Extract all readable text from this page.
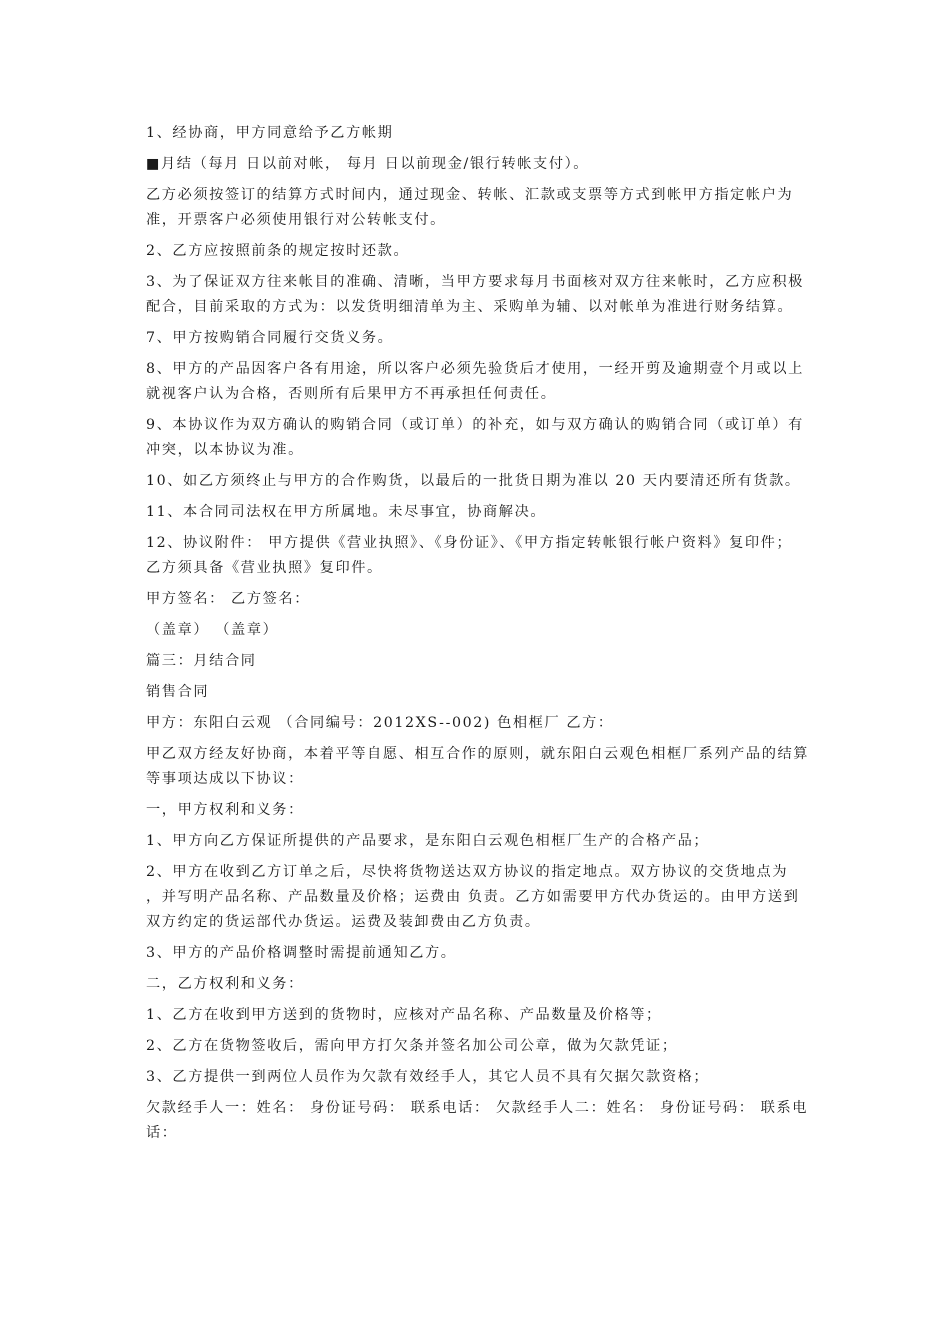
1、经协商，甲方同意给予乙方帐期

■月结（每月 日以前对帐， 每月 日以前现金/银行转帐支付）。

乙方必须按签订的结算方式时间内，通过现金、转帐、汇款或支票等方式到帐甲方指定帐户为准，开票客户必须使用银行对公转帐支付。

2、乙方应按照前条的规定按时还款。

3、为了保证双方往来帐目的准确、清晰，当甲方要求每月书面核对双方往来帐时，乙方应积极配合，目前采取的方式为：以发货明细清单为主、采购单为辅、以对帐单为准进行财务结算。

7、甲方按购销合同履行交货义务。

8、甲方的产品因客户各有用途，所以客户必须先验货后才使用，一经开剪及逾期壹个月或以上就视客户认为合格，否则所有后果甲方不再承担任何责任。

9、本协议作为双方确认的购销合同（或订单）的补充，如与双方确认的购销合同（或订单）有冲突，以本协议为准。

10、如乙方须终止与甲方的合作购货，以最后的一批货日期为准以 20 天内要清还所有货款。

11、本合同司法权在甲方所属地。未尽事宜，协商解决。

12、协议附件： 甲方提供《营业执照》、《身份证》、《甲方指定转帐银行帐户资料》复印件； 乙方须具备《营业执照》复印件。

甲方签名： 乙方签名：

（盖章） （盖章）

篇三：月结合同

销售合同

甲方：东阳白云观 （合同编号：2012XS--002) 色相框厂 乙方：

甲乙双方经友好协商，本着平等自愿、相互合作的原则，就东阳白云观色相框厂系列产品的结算等事项达成以下协议：

一，甲方权利和义务：

1、甲方向乙方保证所提供的产品要求，是东阳白云观色相框厂生产的合格产品；

2、甲方在收到乙方订单之后，尽快将货物送达双方协议的指定地点。双方协议的交货地点为 ，并写明产品名称、产品数量及价格；运费由 负责。乙方如需要甲方代办货运的。由甲方送到双方约定的货运部代办货运。运费及装卸费由乙方负责。

3、甲方的产品价格调整时需提前通知乙方。

二，乙方权利和义务：

1、乙方在收到甲方送到的货物时，应核对产品名称、产品数量及价格等；

2、乙方在货物签收后，需向甲方打欠条并签名加公司公章，做为欠款凭证；

3、乙方提供一到两位人员作为欠款有效经手人，其它人员不具有欠据欠款资格；

欠款经手人一：姓名： 身份证号码： 联系电话： 欠款经手人二：姓名： 身份证号码： 联系电话：
